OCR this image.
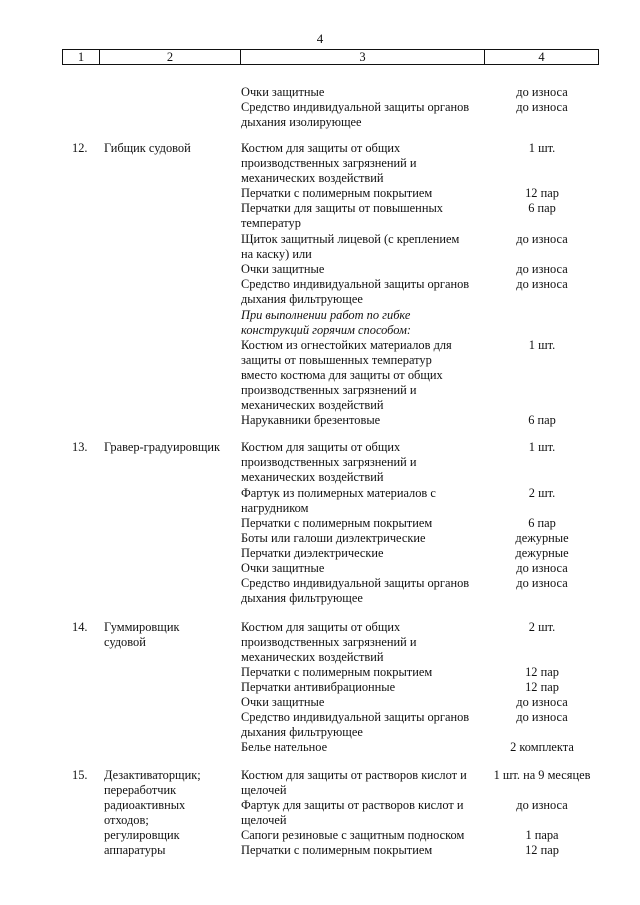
4
1	2	3	4
Очки защитные	до износа
Средство индивидуальной защиты органов	до износа
дыхания изолирующее
12.	Гибщик судовой	Костюм для защиты от общих	1 шт.
производственных загрязнений и
механических воздействий
Перчатки с полимерным покрытием	12 пар
Перчатки для защиты от повышенных	6 пар
температур
Щиток защитный лицевой (с креплением	до износа
на каску) или
Очки защитные	до износа
Средство индивидуальной защиты органов	до износа
дыхания фильтрующее
При выполнении работ по гибке
конструкций горячим способом:
Костюм из огнестойких материалов для	1 шт.
защиты от повышенных температур
вместо костюма для защиты от общих
производственных загрязнений и
механических воздействий
Нарукавники брезентовые	6 пар
13.	Гравер-градуировщик	Костюм для защиты от общих	1 шт.
производственных загрязнений и
механических воздействий
Фартук из полимерных материалов с	2 шт.
нагрудником
Перчатки с полимерным покрытием	6 пар
Боты или галоши диэлектрические	дежурные
Перчатки диэлектрические	дежурные
Очки защитные	до износа
Средство индивидуальной защиты органов	до износа
дыхания фильтрующее
14.	Гуммировщик	Костюм для защиты от общих	2 шт.
судовой	производственных загрязнений и
механических воздействий
Перчатки с полимерным покрытием	12 пар
Перчатки антивибрационные	12 пар
Очки защитные	до износа
Средство индивидуальной защиты органов	до износа
дыхания фильтрующее
Белье нательное	2 комплекта
15.	Дезактиваторщик;	Костюм для защиты от растворов кислот и	1 шт. на 9 месяцев
переработчик	щелочей
радиоактивных	Фартук для защиты от растворов кислот и	до износа
отходов;	щелочей
регулировщик	Сапоги резиновые с защитным подноском	1 пара
аппаратуры	Перчатки с полимерным покрытием	12 пар
